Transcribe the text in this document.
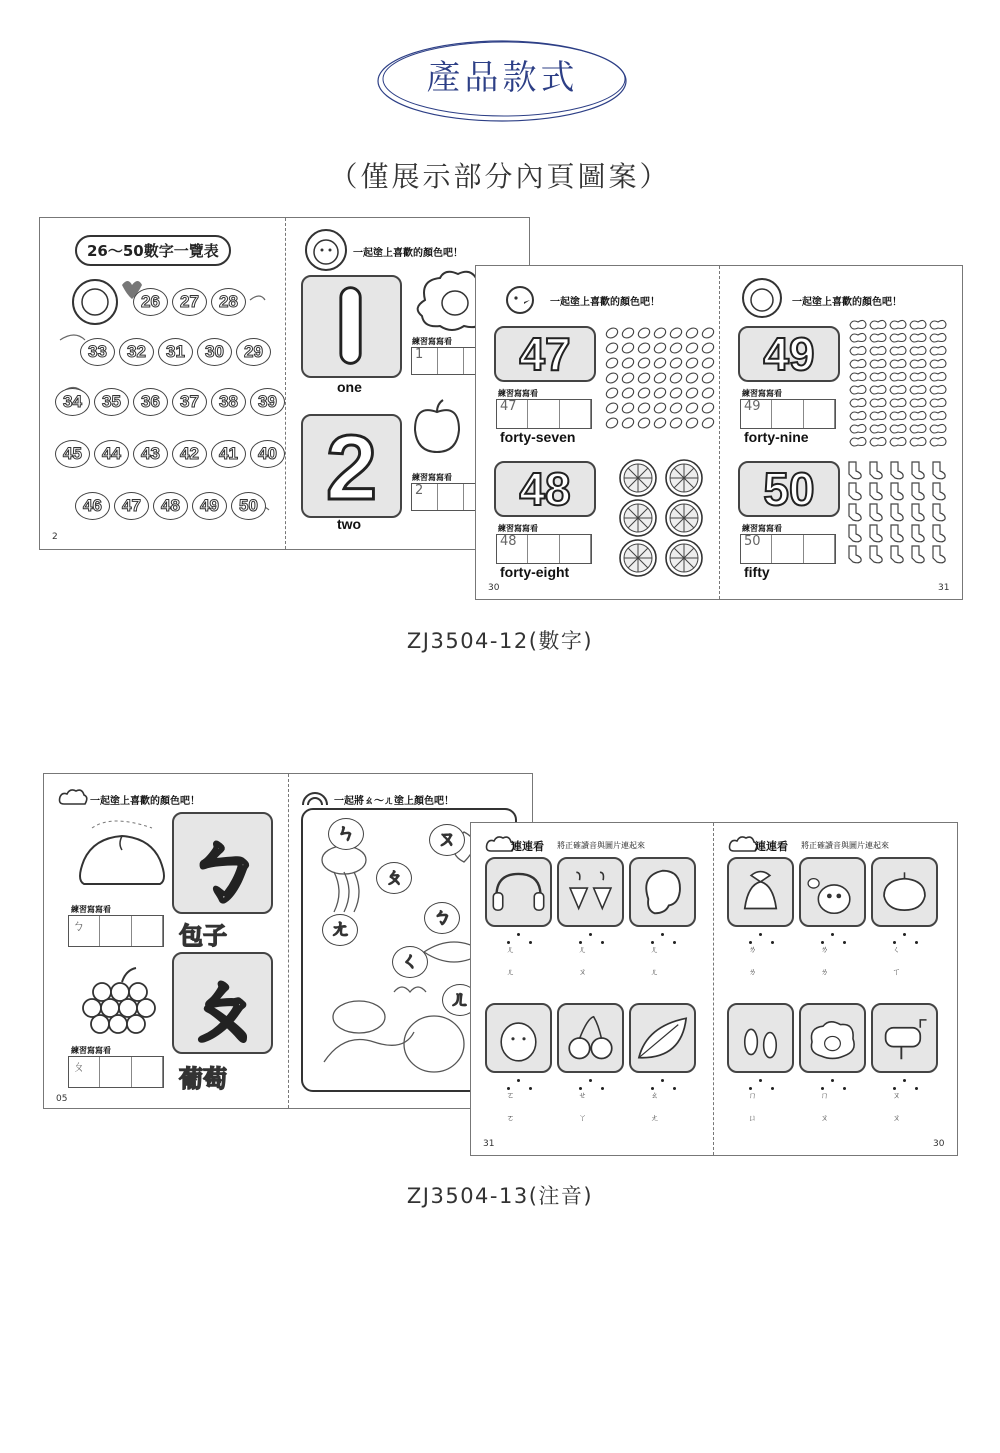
產品款式
（僅展示部分內頁圖案）
26～50數字一覽表
26	27	28
33	32	31	30	29
34	35	36	37	38	39
45	44	43	42	41	40
46	47	48	49	50
2
一起塗上喜歡的顏色吧！
one
2
two
練習寫寫看
1
練習寫寫看
2
一起塗上喜歡的顏色吧！	一起塗上喜歡的顏色吧！
47
練習寫寫看
47
forty-seven
48
練習寫寫看
48
forty-eight
49
練習寫寫看
49
forty-nine
50
練習寫寫看
50
fifty
30	31
ZJ3504-12(數字)
一起塗上喜歡的顏色吧！
練習寫寫看
ㄅ
ㄅ
包子
練習寫寫看
ㄆ
ㄆ
葡萄
05
一起將ㄠ～ㄦ塗上顏色吧！
ㄣ	ㄡ
ㄆ
ㄤ
ㄅ
ㄑ
ㄦ
連連看 將正確讀音與圖片連起來	連連看 將正確讀音與圖片連起來
ㄦ ㄦ	ㄦ ㄡ	ㄦ ㄦ
ㄛ ㄛ	ㄝ ㄚ	ㄠ ㄤ
ㄌ ㄌ	ㄌ ㄌ	ㄑ ㄒ
ㄇ ㄩ	ㄇ ㄡ	ㄡ ㄡ
31	30
ZJ3504-13(注音)
